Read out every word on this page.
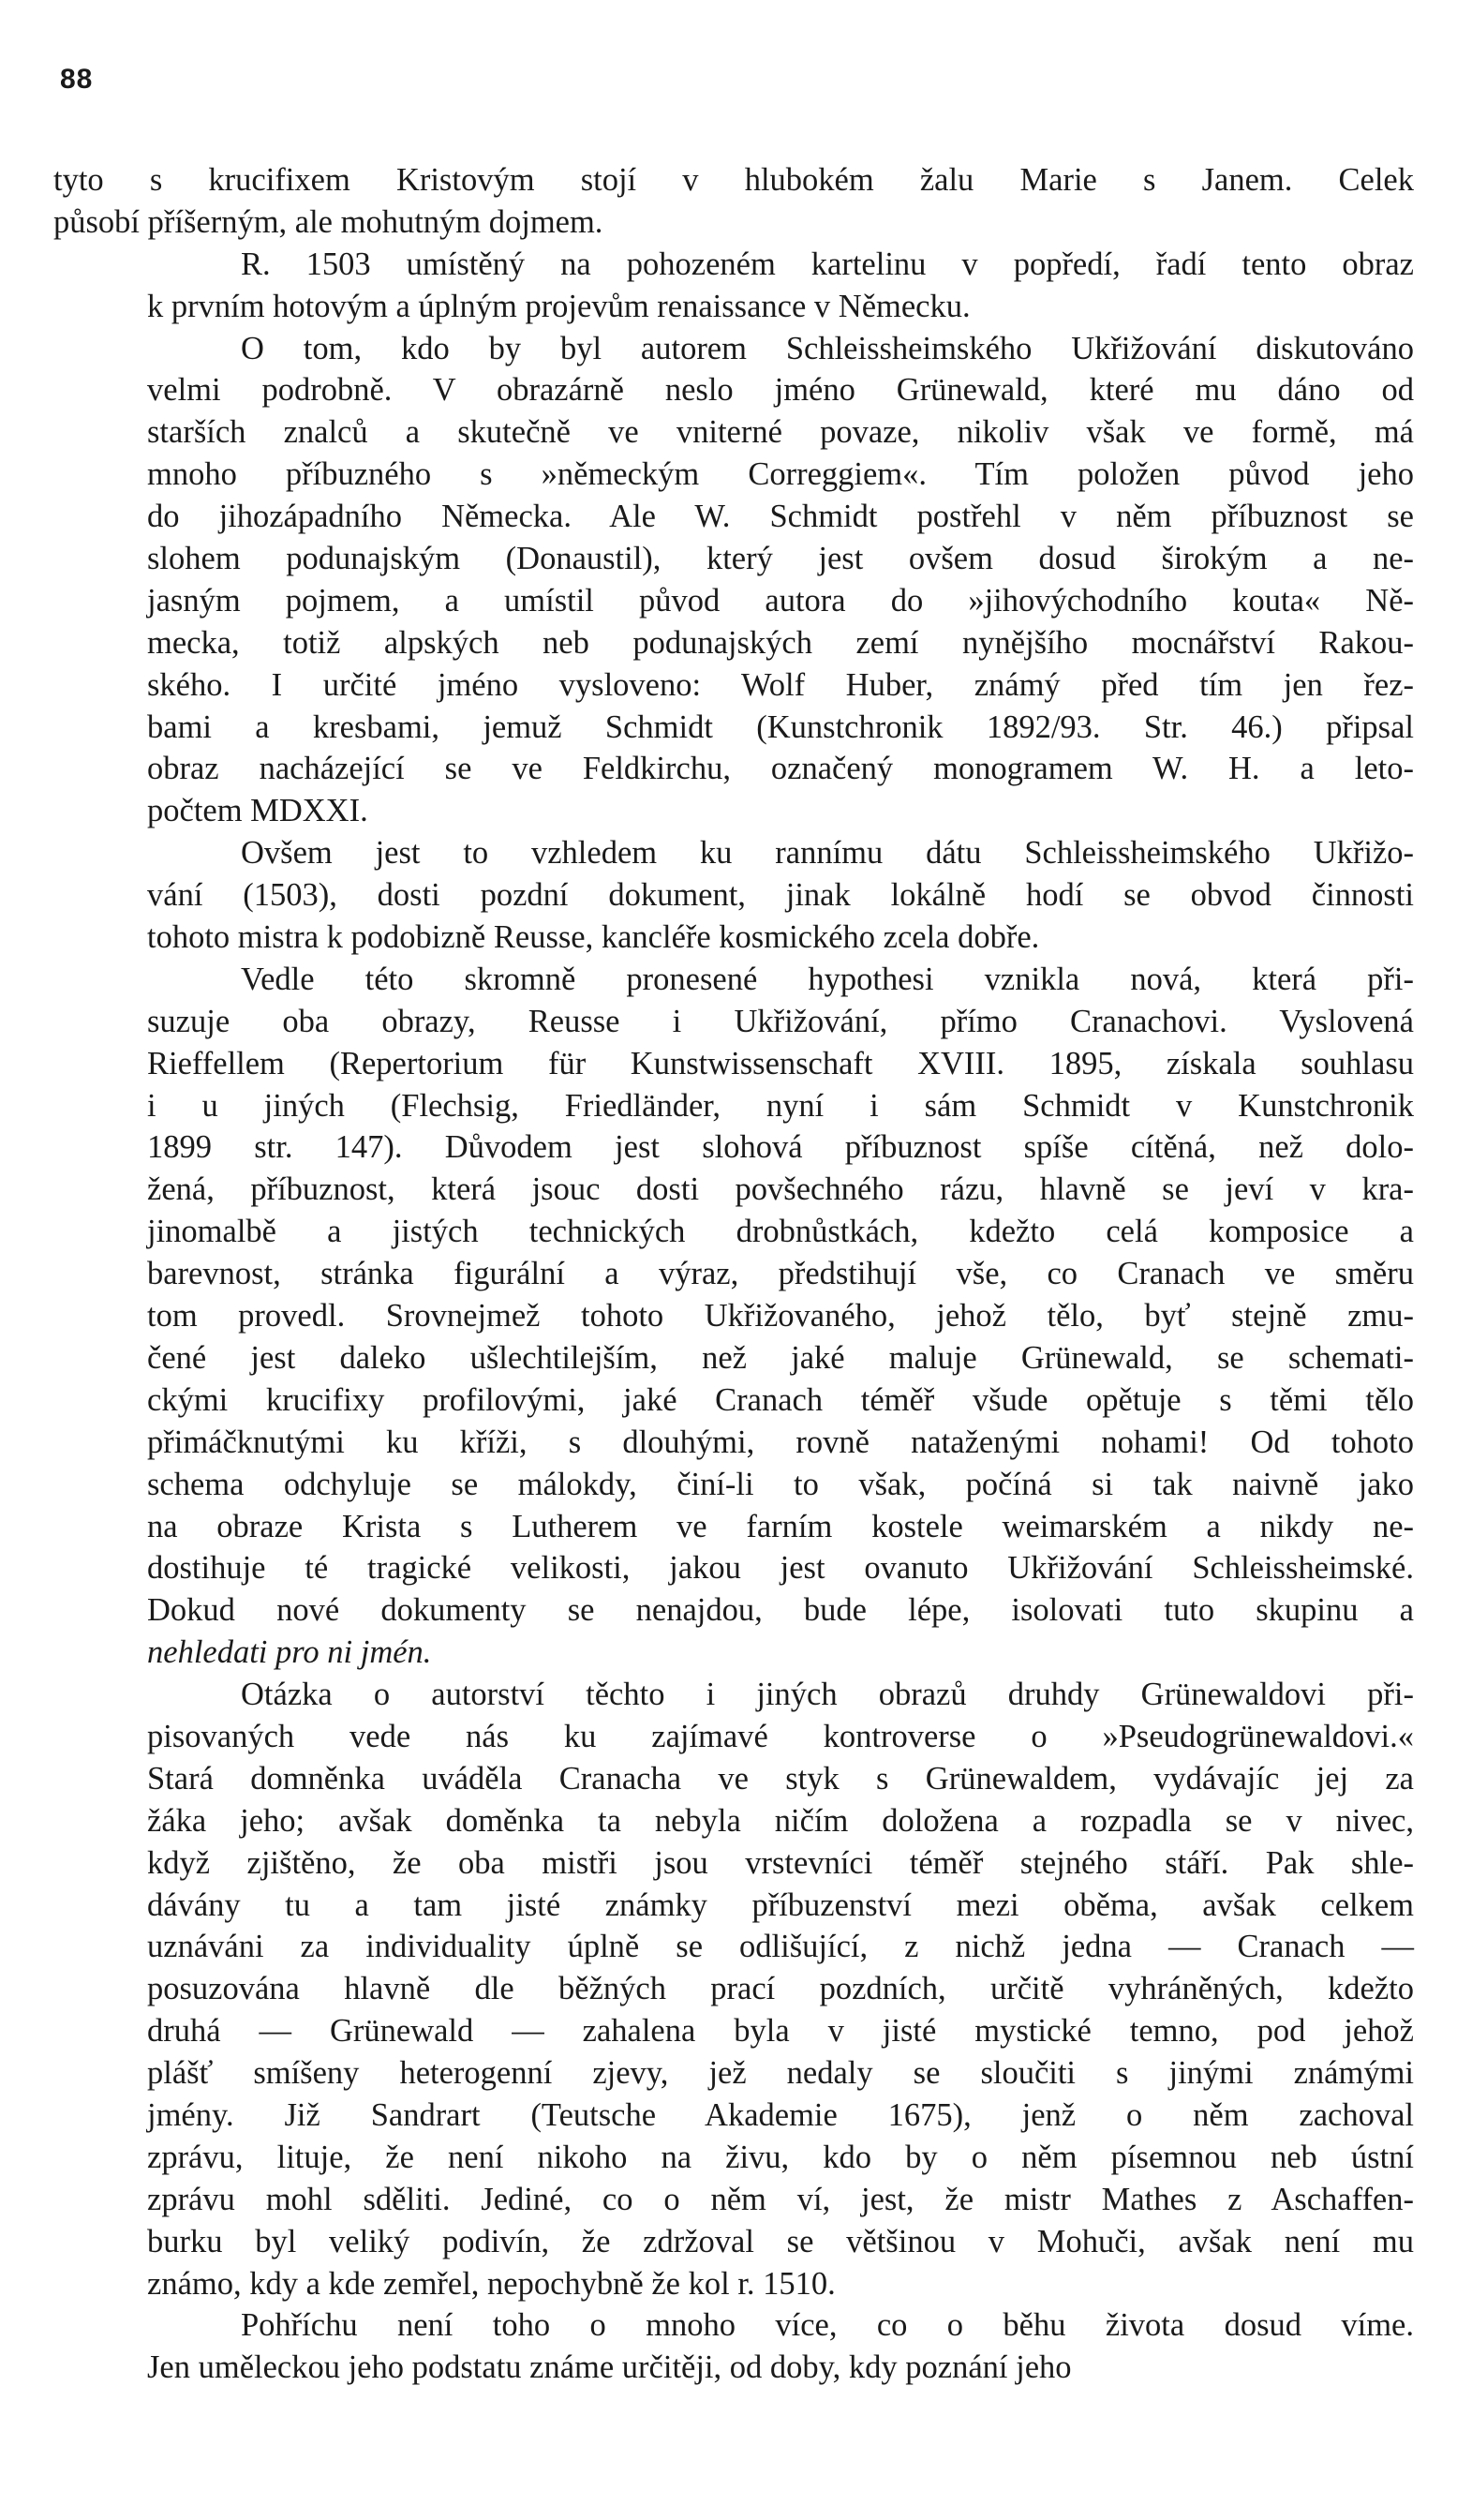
88
tyto s krucifixem Kristovým stojí v hlubokém žalu Marie s Janem. Celek
působí příšerným, ale mohutným dojmem.
R. 1503 umístěný na pohozeném kartelinu v popředí, řadí tento obraz
k prvním hotovým a úplným projevům renaissance v Německu.
O tom, kdo by byl autorem Schleissheimského Ukřižování diskutováno
velmi podrobně. V obrazárně neslo jméno Grünewald, které mu dáno od
starších znalců a skutečně ve vniterné povaze, nikoliv však ve formě, má
mnoho příbuzného s »německým Correggiem«. Tím položen původ jeho
do jihozápadního Německa. Ale W. Schmidt postřehl v něm příbuznost se
slohem podunajským (Donaustil), který jest ovšem dosud širokým a ne-
jasným pojmem, a umístil původ autora do »jihovýchodního kouta« Ně-
mecka, totiž alpských neb podunajských zemí nynějšího mocnářství Rakou-
ského. I určité jméno vysloveno: Wolf Huber, známý před tím jen řez-
bami a kresbami, jemuž Schmidt (Kunstchronik 1892/93. Str. 46.) připsal
obraz nacházející se ve Feldkirchu, označený monogramem W. H. a leto-
počtem MDXXI.
Ovšem jest to vzhledem ku rannímu dátu Schleissheimského Ukřižo-
vání (1503), dosti pozdní dokument, jinak lokálně hodí se obvod činnosti
tohoto mistra k podobizně Reusse, kancléře kosmického zcela dobře.
Vedle této skromně pronesené hypothesi vznikla nová, která při-
suzuje oba obrazy, Reusse i Ukřižování, přímo Cranachovi. Vyslovená
Rieffellem (Repertorium für Kunstwissenschaft XVIII. 1895, získala souhlasu
i u jiných (Flechsig, Friedländer, nyní i sám Schmidt v Kunstchronik
1899 str. 147). Důvodem jest slohová příbuznost spíše cítěná, než dolo-
žená, příbuznost, která jsouc dosti povšechného rázu, hlavně se jeví v kra-
jinomalbě a jistých technických drobnůstkách, kdežto celá komposice a
barevnost, stránka figurální a výraz, předstihují vše, co Cranach ve směru
tom provedl. Srovnejmež tohoto Ukřižovaného, jehož tělo, byť stejně zmu-
čené jest daleko ušlechtilejším, než jaké maluje Grünewald, se schemati-
ckými krucifixy profilovými, jaké Cranach téměř všude opětuje s těmi tělo
přimáčknutými ku kříži, s dlouhými, rovně nataženými nohami! Od tohoto
schema odchyluje se málokdy, činí-li to však, počíná si tak naivně jako
na obraze Krista s Lutherem ve farním kostele weimarském a nikdy ne-
dostihuje té tragické velikosti, jakou jest ovanuto Ukřižování Schleissheimské.
Dokud nové dokumenty se nenajdou, bude lépe, isolovati tuto skupinu a
nehledati pro ni jmén.
Otázka o autorství těchto i jiných obrazů druhdy Grünewaldovi při-
pisovaných vede nás ku zajímavé kontroverse o »Pseudogrünewaldovi.«
Stará domněnka uváděla Cranacha ve styk s Grünewaldem, vydávajíc jej za
žáka jeho; avšak doměnka ta nebyla ničím doložena a rozpadla se v nivec,
když zjištěno, že oba mistři jsou vrstevníci téměř stejného stáří. Pak shle-
dávány tu a tam jisté známky příbuzenství mezi oběma, avšak celkem
uznáváni za individuality úplně se odlišující, z nichž jedna — Cranach —
posuzována hlavně dle běžných prací pozdních, určitě vyhráněných, kdežto
druhá — Grünewald — zahalena byla v jisté mystické temno, pod jehož
plášť smíšeny heterogenní zjevy, jež nedaly se sloučiti s jinými známými
jmény. Již Sandrart (Teutsche Akademie 1675), jenž o něm zachoval
zprávu, lituje, že není nikoho na živu, kdo by o něm písemnou neb ústní
zprávu mohl sděliti. Jediné, co o něm ví, jest, že mistr Mathes z Aschaffen-
burku byl veliký podivín, že zdržoval se většinou v Mohuči, avšak není mu
známo, kdy a kde zemřel, nepochybně že kol r. 1510.
Pohříchu není toho o mnoho více, co o běhu života dosud víme.
Jen uměleckou jeho podstatu známe určitěji, od doby, kdy poznání jeho
